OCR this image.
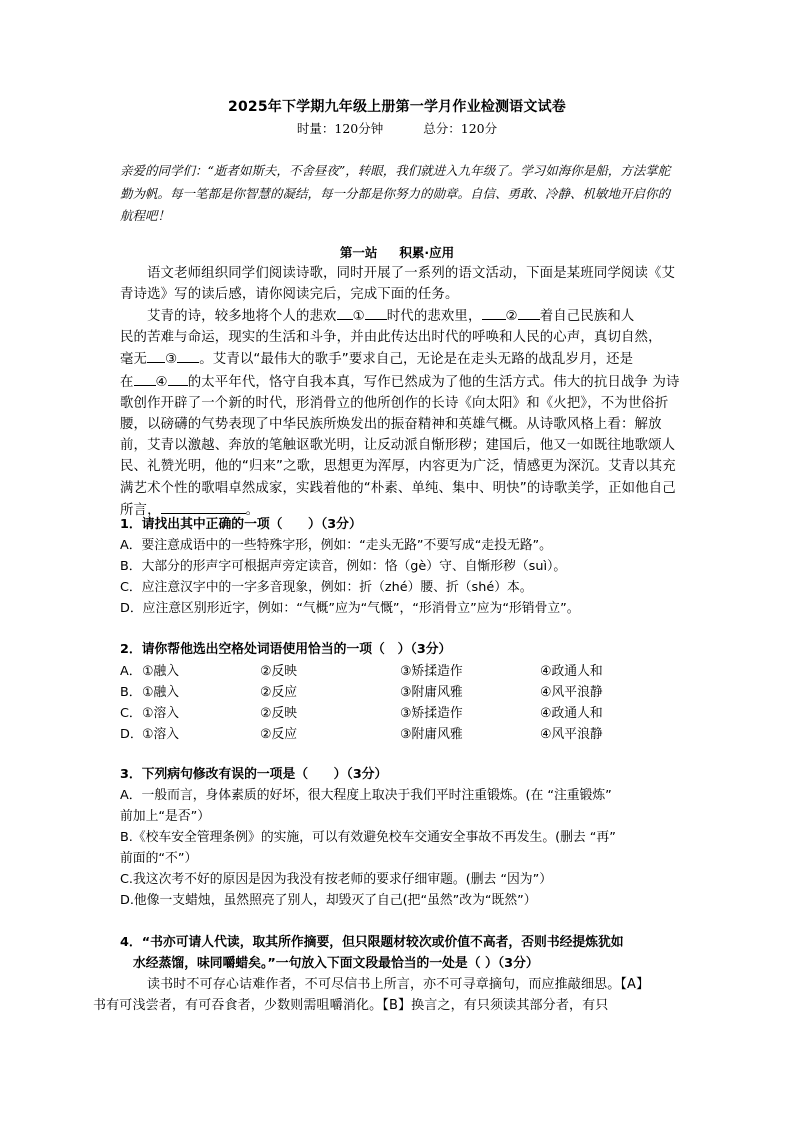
2025年下学期九年级上册第一学月作业检测语文试卷
时量：120分钟	总分：120分
亲爱的同学们：“逝者如斯夫，不舍昼夜”，转眼，我们就进入九年级了。学习如海你是船，方法掌舵勤为帆。每一笔都是你智慧的凝结，每一分都是你努力的勋章。自信、勇敢、冷静、机敏地开启你的航程吧！
第一站 积累·应用
语文老师组织同学们阅读诗歌，同时开展了一系列的语文活动，下面是某班同学阅读《艾青诗选》写的读后感，请你阅读完后，完成下面的任务。
艾青的诗，较多地将个人的悲欢 ① 时代的悲欢里， ② 着自己民族和人
民的苦难与命运，现实的生活和斗争，并由此传达出时代的呼唤和人民的心声，真切自然，
毫无 ③ 。艾青以“最伟大的歌手”要求自己，无论是在走头无路的战乱岁月，还是
在 ④ 的太平年代，恪守自我本真，写作已然成为了他的生活方式。伟大的抗日战争 为诗歌创作开辟了一个新的时代，形消骨立的他所创作的长诗《向太阳》和《火把》，不为世俗折腰，以磅礴的气势表现了中华民族所焕发出的振奋精神和英雄气概。从诗歌风格上看：解放前，艾青以激越、奔放的笔触讴歌光明，让反动派自惭形秽；建国后，他又一如既往地歌颂人民、礼赞光明，他的“归来”之歌，思想更为浑厚，内容更为广泛，情感更为深沉。艾青以其充满艺术个性的歌唱卓然成家，实践着他的“朴素、单纯、集中、明快”的诗歌美学，正如他自己所言，	。
1．请找出其中正确的一项（　　）（3分）
A．要注意成语中的一些特殊字形，例如：“走头无路”不要写成“走投无路”。
B．大部分的形声字可根据声旁定读音，例如：恪（gè）守、自惭形秽（suì）。
C．应注意汉字中的一字多音现象，例如：折（zhé）腰、折（shé）本。
D．应注意区别形近字，例如：“气概”应为“气慨”，“形消骨立”应为“形销骨立”。
2．请你帮他选出空格处词语使用恰当的一项（　）（3分）
A． ①融入	②反映	③矫揉造作	④政通人和
B． ①融入	②反应	③附庸风雅	④风平浪静
C． ①溶入	②反映	③矫揉造作	④政通人和
D． ①溶入	②反应	③附庸风雅	④风平浪静
3．下列病句修改有误的一项是（　　）（3分）
A．一般而言，身体素质的好坏，很大程度上取决于我们平时注重锻炼。(在 “注重锻炼”
前加上“是否”）
B.《校车安全管理条例》的实施，可以有效避免校车交通安全事故不再发生。(删去 “再”
前面的“不”）
C.我这次考不好的原因是因为我没有按老师的要求仔细审题。(删去 “因为”）
D.他像一支蜡烛，虽然照亮了别人，却毁灭了自己(把“虽然”改为“既然”）
4．“书亦可请人代读，取其所作摘要，但只限题材较次或价值不高者，否则书经提炼犹如
水经蒸馏，味同嚼蜡矣。”一句放入下面文段最恰当的一处是（ ）（3分）
读书时不可存心诘难作者，不可尽信书上所言，亦不可寻章摘句，而应推敲细思。【A】
书有可浅尝者，有可吞食者，少数则需咀嚼消化。【B】换言之，有只须读其部分者，有只
